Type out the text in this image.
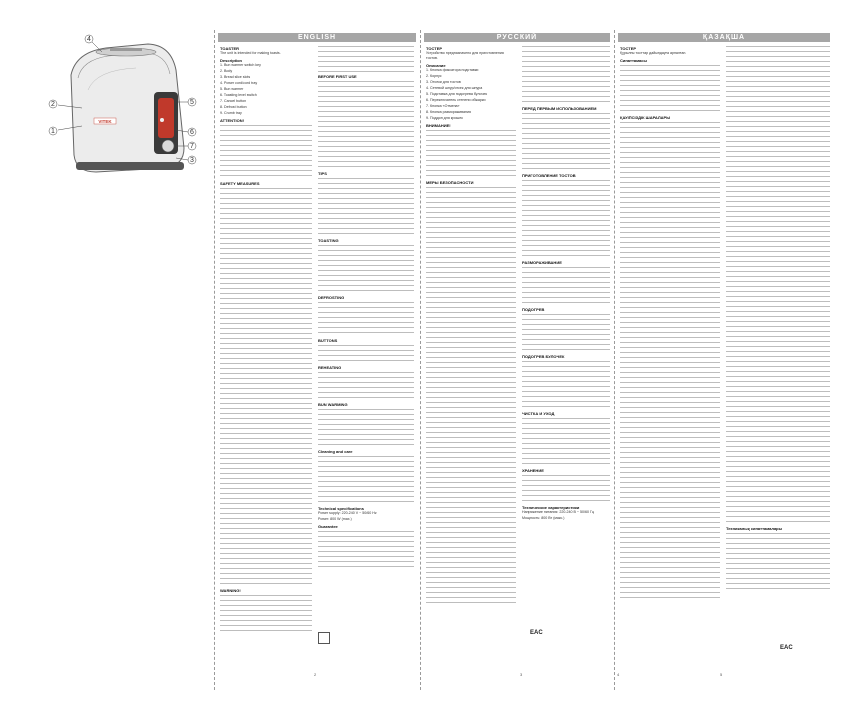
VITEK
1
2
4
5
6
7
3
ENGLISH	РУССКИЙ	ҚАЗАҚША
TOASTER

The unit is intended for making toasts.

Description

1. Bun warmer switch key

2. Body

3. Bread slice slots

4. Power cord/cord tray

5. Bun warmer

6. Toasting level switch

7. Cancel button

8. Defrost button

9. Crumb tray

ATTENTION!
SAFETY MEASURES
WARNING!
BEFORE FIRST USE
TIPS
TOASTING
DEFROSTING
BUTTONS
REHEATING
BUN WARMING
Cleaning and care
Technical specifications

Power supply: 220-240 V ~ 50/60 Hz

Power: 800 W (max.)

Guarantee
ТОСТЕР

Устройство предназначено для приготовления тостов.

Описание

1. Кнопка фиксатора подставки

2. Корпус

3. Отсеки для тостов

4. Сетевой шнур/отсек для шнура

5. Подставка для подогрева булочек

6. Переключатель степени обжарки

7. Кнопка «Отмена»

8. Кнопка размораживания

9. Поддон для крошек

ВНИМАНИЕ!
МЕРЫ БЕЗОПАСНОСТИ
ПЕРЕД ПЕРВЫМ ИСПОЛЬЗОВАНИЕМ
ПРИГОТОВЛЕНИЕ ТОСТОВ
РАЗМОРАЖИВАНИЕ
ПОДОГРЕВ
ПОДОГРЕВ БУЛОЧЕК
ЧИСТКА И УХОД
ХРАНЕНИЕ
Технические характеристики

Напряжение питания: 220-240 В ~ 50/60 Гц

Мощность: 800 Вт (макс.)

ТОСТЕР

Құрылғы тосттар дайындауға арналған.

Сипаттамасы
ҚАУІПСІЗДІК ШАРАЛАРЫ
Техникалық сипаттамалары
EAC
EAC
2	3	4	5
